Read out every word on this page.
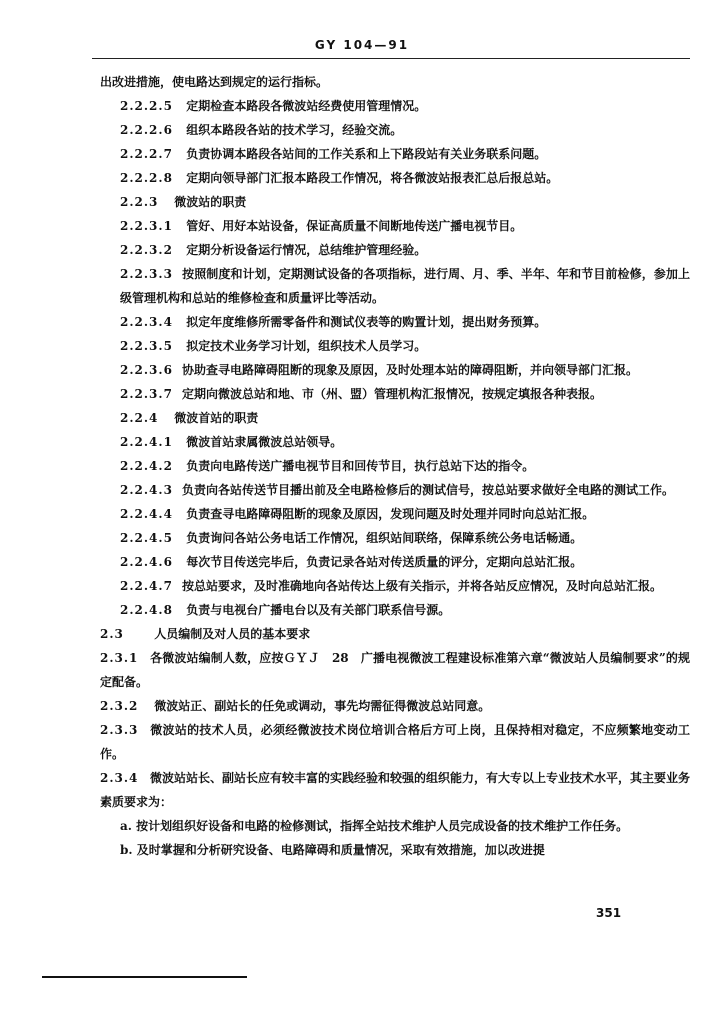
GY 104—91
出改进措施，使电路达到规定的运行指标。
2.2.2.5 定期检查本路段各微波站经费使用管理情况。
2.2.2.6 组织本路段各站的技术学习，经验交流。
2.2.2.7 负责协调本路段各站间的工作关系和上下路段站有关业务联系问题。
2.2.2.8 定期向领导部门汇报本路段工作情况，将各微波站报表汇总后报总站。
2.2.3 微波站的职责
2.2.3.1 管好、用好本站设备，保证高质量不间断地传送广播电视节目。
2.2.3.2 定期分析设备运行情况，总结维护管理经验。
2.2.3.3 按照制度和计划，定期测试设备的各项指标，进行周、月、季、半年、年和节目前检修，参加上级管理机构和总站的维修检查和质量评比等活动。
2.2.3.4 拟定年度维修所需零备件和测试仪表等的购置计划，提出财务预算。
2.2.3.5 拟定技术业务学习计划，组织技术人员学习。
2.2.3.6 协助查寻电路障碍阻断的现象及原因，及时处理本站的障碍阻断，并向领导部门汇报。
2.2.3.7 定期向微波总站和地、市（州、盟）管理机构汇报情况，按规定填报各种表报。
2.2.4 微波首站的职责
2.2.4.1 微波首站隶属微波总站领导。
2.2.4.2 负责向电路传送广播电视节目和回传节目，执行总站下达的指令。
2.2.4.3 负责向各站传送节目播出前及全电路检修后的测试信号，按总站要求做好全电路的测试工作。
2.2.4.4 负责查寻电路障碍阻断的现象及原因，发现问题及时处理并同时向总站汇报。
2.2.4.5 负责询问各站公务电话工作情况，组织站间联络，保障系统公务电话畅通。
2.2.4.6 每次节目传送完毕后，负责记录各站对传送质量的评分，定期向总站汇报。
2.2.4.7 按总站要求，及时准确地向各站传达上级有关指示，并将各站反应情况，及时向总站汇报。
2.2.4.8 负责与电视台广播电台以及有关部门联系信号源。
2.3	人员编制及对人员的基本要求
2.3.1 各微波站编制人数，应按ＧＹＪ　28　广播电视微波工程建设标准第六章“微波站人员编制要求”的规定配备。
2.3.2 微波站正、副站长的任免或调动，事先均需征得微波总站同意。
2.3.3 微波站的技术人员，必须经微波技术岗位培训合格后方可上岗，且保持相对稳定，不应频繁地变动工作。
2.3.4 微波站站长、副站长应有较丰富的实践经验和较强的组织能力，有大专以上专业技术水平，其主要业务素质要求为：
a. 按计划组织好设备和电路的检修测试，指挥全站技术维护人员完成设备的技术维护工作任务。
b. 及时掌握和分析研究设备、电路障碍和质量情况，采取有效措施，加以改进提
351
